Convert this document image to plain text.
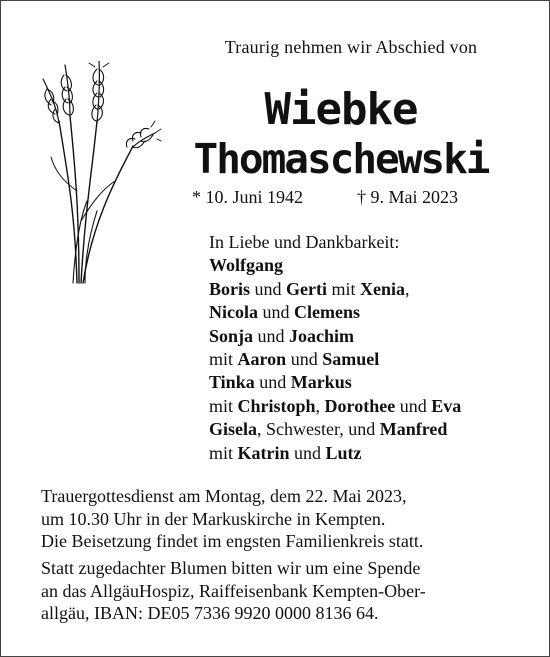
Traurig nehmen wir Abschied von
Wiebke
Thomaschewski
* 10. Juni 1942	† 9. Mai 2023
In Liebe und Dankbarkeit:
Wolfgang
Boris und Gerti mit Xenia,
Nicola und Clemens
Sonja und Joachim
mit Aaron und Samuel
Tinka und Markus
mit Christoph, Dorothee und Eva
Gisela, Schwester, und Manfred
mit Katrin und Lutz
Trauergottesdienst am Montag, dem 22. Mai 2023,
um 10.30 Uhr in der Markuskirche in Kempten.
Die Beisetzung findet im engsten Familienkreis statt.
Statt zugedachter Blumen bitten wir um eine Spende
an das AllgäuHospiz, Raiffeisenbank Kempten-Ober-
allgäu, IBAN: DE05 7336 9920 0000 8136 64.
